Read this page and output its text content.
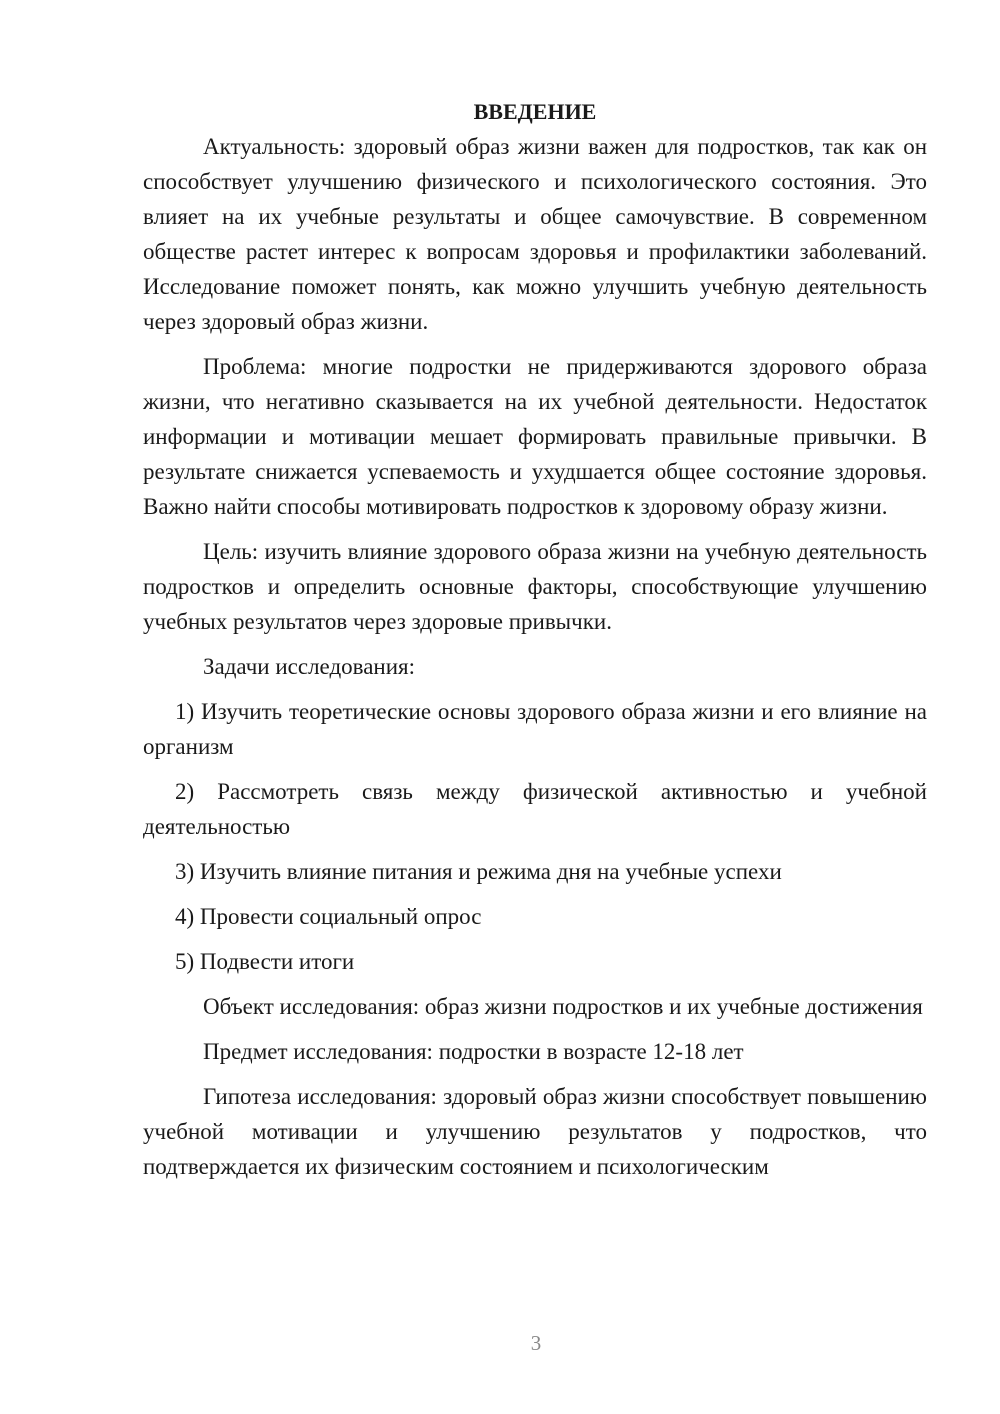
ВВЕДЕНИЕ

Актуальность: здоровый образ жизни важен для подростков, так как он способствует улучшению физического и психологического состояния. Это влияет на их учебные результаты и общее самочувствие. В современном обществе растет интерес к вопросам здоровья и профилактики заболеваний. Исследование поможет понять, как можно улучшить учебную деятельность через здоровый образ жизни.

Проблема: многие подростки не придерживаются здорового образа жизни, что негативно сказывается на их учебной деятельности. Недостаток информации и мотивации мешает формировать правильные привычки. В результате снижается успеваемость и ухудшается общее состояние здоровья. Важно найти способы мотивировать подростков к здоровому образу жизни.

Цель: изучить влияние здорового образа жизни на учебную деятельность подростков и определить основные факторы, способствующие улучшению учебных результатов через здоровые привычки.

Задачи исследования:

1) Изучить теоретические основы здорового образа жизни и его влияние на организм

2) Рассмотреть связь между физической активностью и учебной деятельностью

3) Изучить влияние питания и режима дня на учебные успехи

4) Провести социальный опрос

5) Подвести итоги

Объект исследования: образ жизни подростков и их учебные достижения

Предмет исследования: подростки в возрасте 12-18 лет

Гипотеза исследования: здоровый образ жизни способствует повышению учебной мотивации и улучшению результатов у подростков, что подтверждается их физическим состоянием и психологическим

3
